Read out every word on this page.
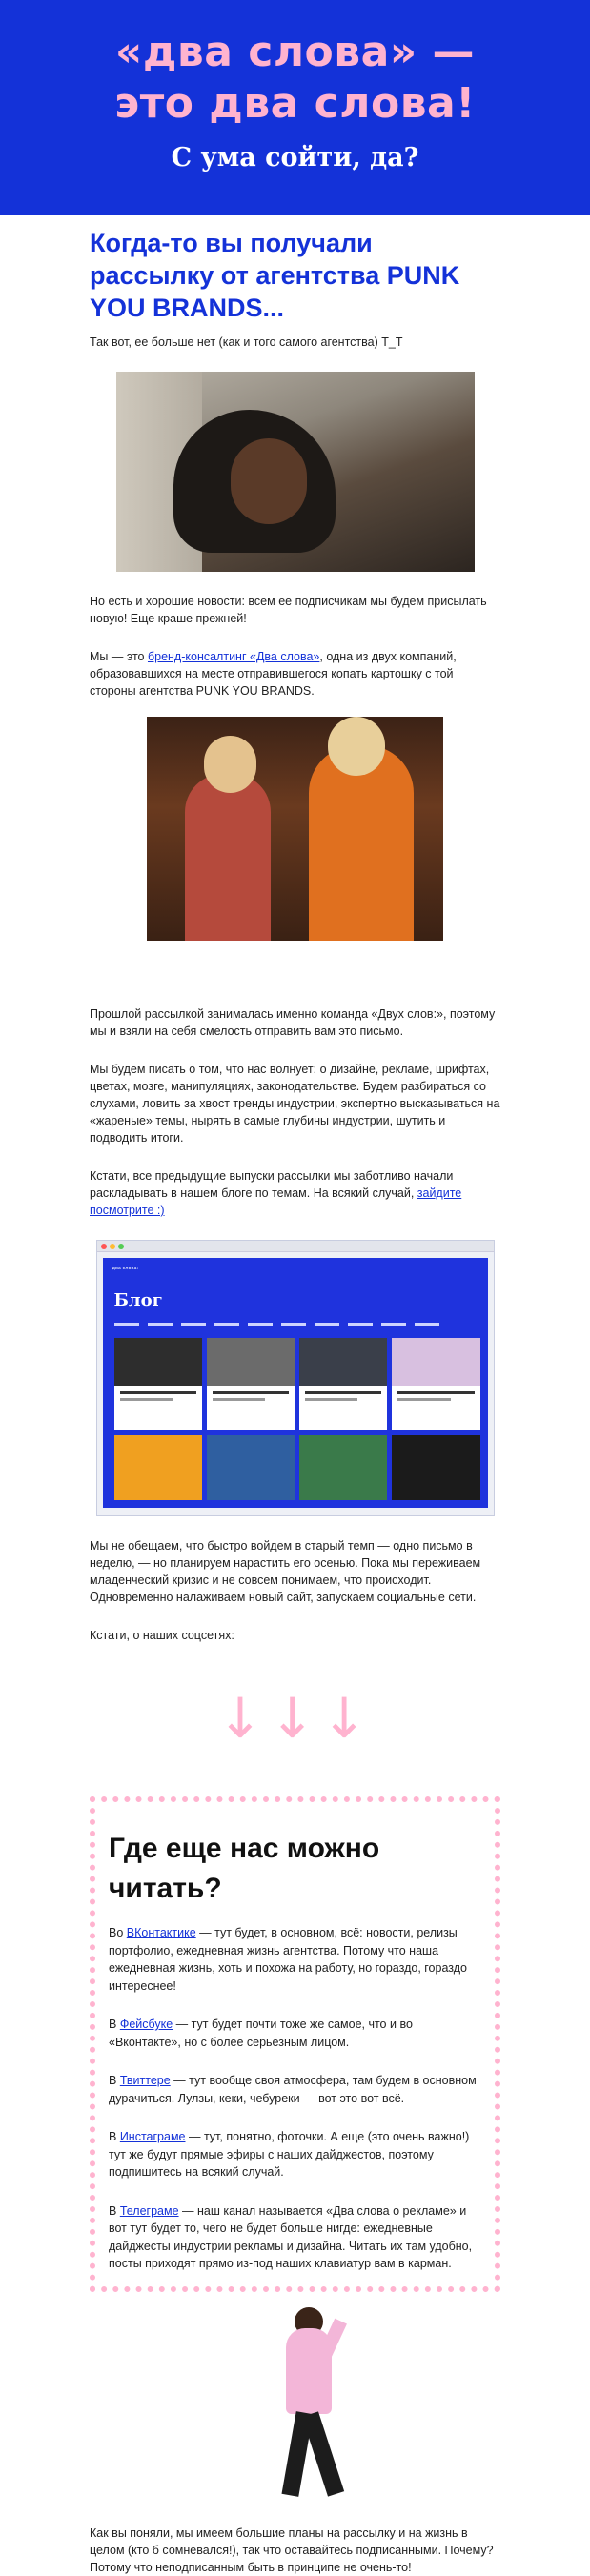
«два слова» —
это два слова!
С ума сойти, да?
Когда-то вы получали рассылку от агентства PUNK YOU BRANDS...

Так вот, ее больше нет (как и того самого агентства) T_T

Но есть и хорошие новости: всем ее подписчикам мы будем присылать новую! Еще краше прежней!

Мы — это бренд-консалтинг «Два слова», одна из двух компаний, образовавшихся на месте отправившегося копать картошку с той стороны агентства PUNK YOU BRANDS.

Прошлой рассылкой занималась именно команда «Двух слов:», поэтому мы и взяли на себя смелость отправить вам это письмо.

Мы будем писать о том, что нас волнует: о дизайне, рекламе, шрифтах, цветах, мозге, манипуляциях, законодательстве. Будем разбираться со слухами, ловить за хвост тренды индустрии, экспертно высказываться на «жареные» темы, нырять в самые глубины индустрии, шутить и подводить итоги.

Кстати, все предыдущие выпуски рассылки мы заботливо начали раскладывать в нашем блоге по темам. На всякий случай, зайдите посмотрите :)

два слова:
Блог

Мы не обещаем, что быстро войдем в старый темп — одно письмо в неделю, — но планируем нарастить его осенью. Пока мы переживаем младенческий кризис и не совсем понимаем, что происходит. Одновременно налаживаем новый сайт, запускаем социальные сети.

Кстати, о наших соцсетях:

↓↓↓
Где еще нас можно читать?

Во ВКонтактике — тут будет, в основном, всё: новости, релизы портфолио, ежедневная жизнь агентства. Потому что наша ежедневная жизнь, хоть и похожа на работу, но гораздо, гораздо интереснее!

В Фейсбуке — тут будет почти тоже же самое, что и во «Вконтакте», но с более серьезным лицом.

В Твиттере — тут вообще своя атмосфера, там будем в основном дурачиться. Лулзы, кеки, чебуреки — вот это вот всё.

В Инстаграме — тут, понятно, фоточки. А еще (это очень важно!) тут же будут прямые эфиры с наших дайджестов, поэтому подпишитесь на всякий случай.

В Телеграме — наш канал называется «Два слова о рекламе» и вот тут будет то, чего не будет больше нигде: ежедневные дайджесты индустрии рекламы и дизайна. Читать их там удобно, посты приходят прямо из-под наших клавиатур вам в карман.

Как вы поняли, мы имеем большие планы на рассылку и на жизнь в целом (кто б сомневался!), так что оставайтесь подписанными. Почему? Потому что неподписанным быть в принципе не очень-то!
